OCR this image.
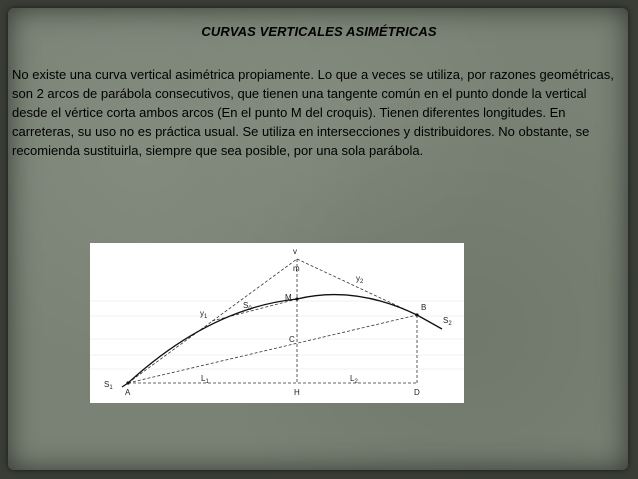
CURVAS VERTICALES ASIMÉTRICAS
No existe una curva vertical asimétrica propiamente. Lo que a veces se utiliza, por razones geométricas, son 2 arcos de parábola consecutivos, que tienen una tangente común en el punto donde la vertical desde el vértice corta ambos arcos (En el punto M del croquis). Tienen diferentes longitudes. En carreteras, su uso no es práctica usual. Se utiliza en intersecciones y distribuidores. No obstante, se recomienda sustituirla, siempre que sea posible, por una sola parábola.
v
m
M
C
H
A
B
D
$S_1$
$S_2$
$S_0$
$y_1$
$y_2$
$L_1$	$L_2$
